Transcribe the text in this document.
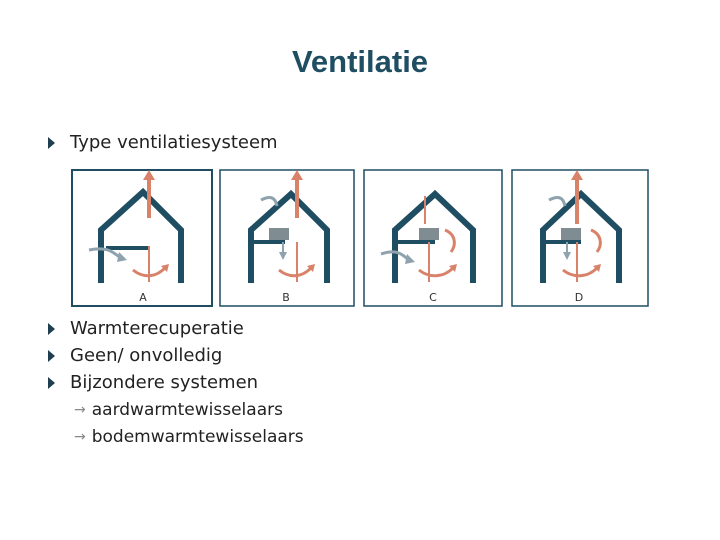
Ventilatie
Type ventilatiesysteem
A	B	C	D
Warmterecuperatie
Geen/ onvolledig
Bijzondere systemen
→ aardwarmtewisselaars
→ bodemwarmtewisselaars
